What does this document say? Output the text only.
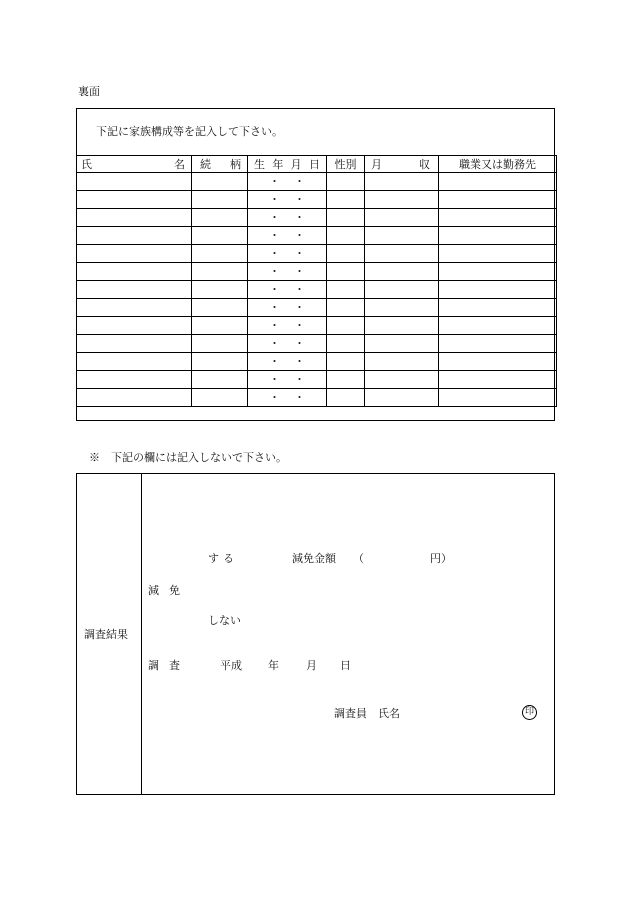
裏面
下記に家族構成等を記入して下さい。
氏 名	続 柄	生 年 月 日	性別	月 収	職業又は勤務先

		・ ・			

		・ ・			

		・ ・			

		・ ・			

		・ ・			

		・ ・			

		・ ・			

		・ ・			

		・ ・			

		・ ・			

		・ ・			

		・ ・			

		・ ・			

※　下記の欄には記入しないで下さい。
調査結果
する	減免金額 （	円）
減免
しない
調査	平成 年 月 日
調査員　氏名	印
